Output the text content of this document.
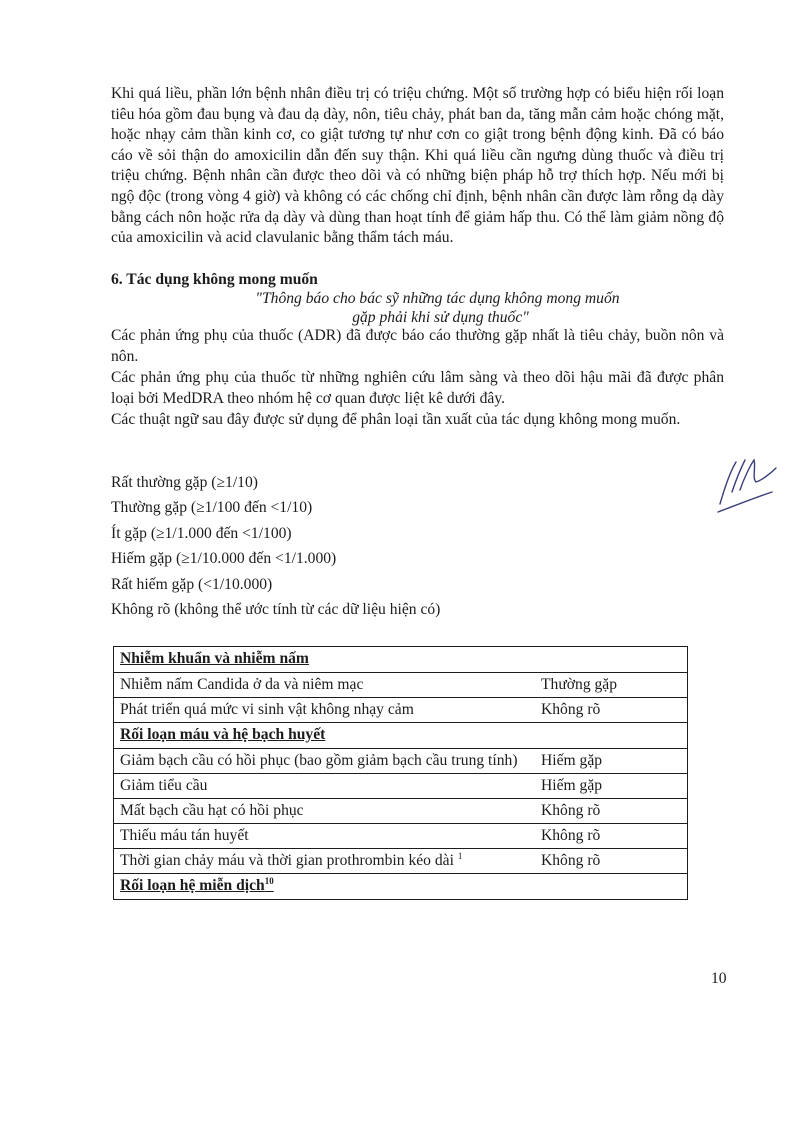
Khi quá liều, phần lớn bệnh nhân điều trị có triệu chứng. Một số trường hợp có biểu hiện rối loạn tiêu hóa gồm đau bụng và đau dạ dày, nôn, tiêu chảy, phát ban da, tăng mẫn cảm hoặc chóng mặt, hoặc nhạy cảm thần kinh cơ, co giật tương tự như cơn co giật trong bệnh động kinh. Đã có báo cáo về sỏi thận do amoxicilin dẫn đến suy thận. Khi quá liều cần ngưng dùng thuốc và điều trị triệu chứng. Bệnh nhân cần được theo dõi và có những biện pháp hỗ trợ thích hợp. Nếu mới bị ngộ độc (trong vòng 4 giờ) và không có các chống chỉ định, bệnh nhân cần được làm rỗng dạ dày bằng cách nôn hoặc rửa dạ dày và dùng than hoạt tính để giảm hấp thu. Có thể làm giảm nồng độ của amoxicilin và acid clavulanic bằng thẩm tách máu.

6. Tác dụng không mong muốn

"Thông báo cho bác sỹ những tác dụng không mong muốn

gặp phải khi sử dụng thuốc"

Các phản ứng phụ của thuốc (ADR) đã được báo cáo thường gặp nhất là tiêu chảy, buồn nôn và nôn.

Các phản ứng phụ của thuốc từ những nghiên cứu lâm sàng và theo dõi hậu mãi đã được phân loại bởi MedDRA theo nhóm hệ cơ quan được liệt kê dưới đây.

Các thuật ngữ sau đây được sử dụng để phân loại tần xuất của tác dụng không mong muốn.

Rất thường gặp (≥1/10)
Thường gặp (≥1/100 đến <1/10)
Ít gặp (≥1/1.000 đến <1/100)
Hiếm gặp (≥1/10.000 đến <1/1.000)
Rất hiếm gặp (<1/10.000)
Không rõ (không thể ước tính từ các dữ liệu hiện có)
Nhiễm khuẩn và nhiễm nấm	
Nhiễm nấm Candida ở da và niêm mạc	Thường gặp
Phát triển quá mức vi sinh vật không nhạy cảm	Không rõ
Rối loạn máu và hệ bạch huyết	
Giảm bạch cầu có hồi phục (bao gồm giảm bạch cầu trung tính)	Hiếm gặp
Giảm tiểu cầu	Hiếm gặp
Mất bạch cầu hạt có hồi phục	Không rõ
Thiếu máu tán huyết	Không rõ
Thời gian chảy máu và thời gian prothrombin kéo dài $^1$	Không rõ
Rối loạn hệ miễn dịch$^{10}$

10
